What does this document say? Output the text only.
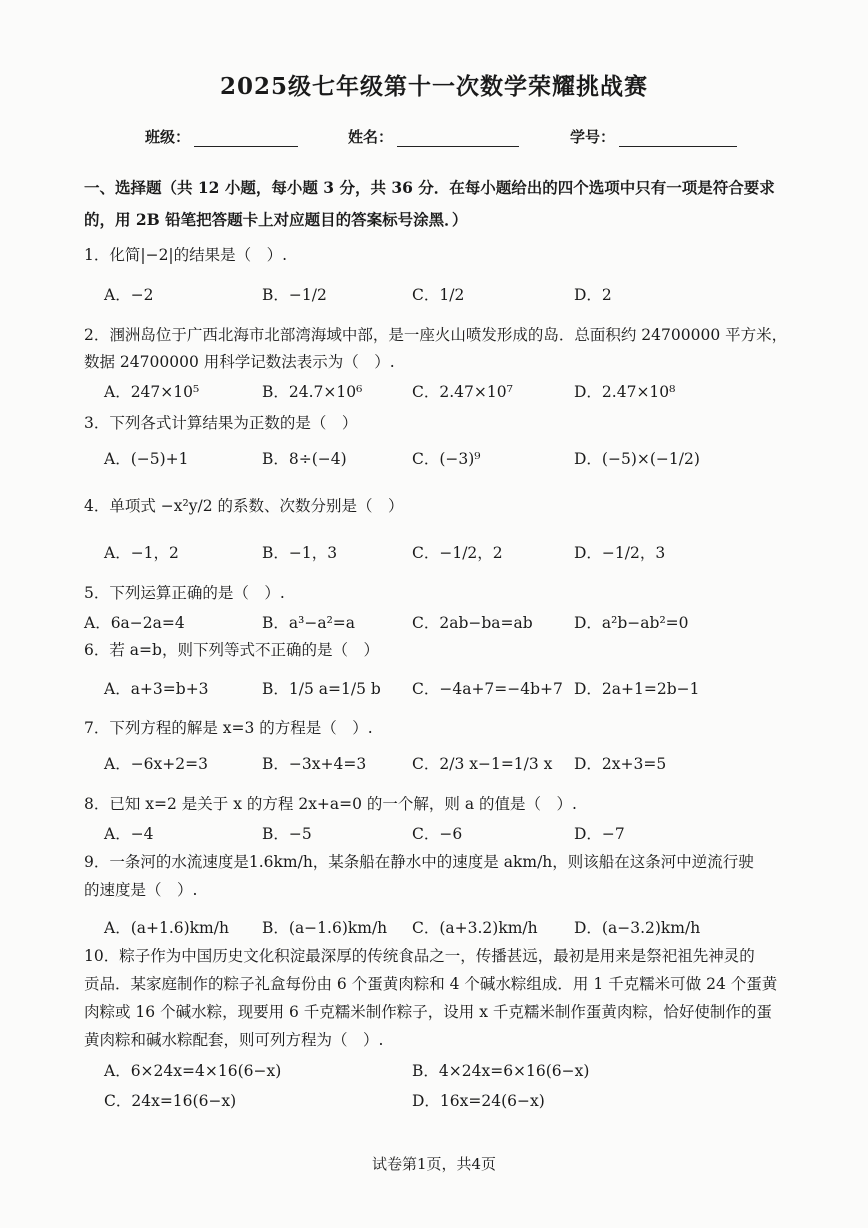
2025级七年级第十一次数学荣耀挑战赛
班级：	姓名：	学号：
一、选择题（共 12 小题，每小题 3 分，共 36 分．在每小题给出的四个选项中只有一项是符合要求
的，用 2B 铅笔把答题卡上对应题目的答案标号涂黑．）
1．化简|−2|的结果是（　）.
A．−2	B．−1/2	C．1/2	D．2
2．涠洲岛位于广西北海市北部湾海域中部，是一座火山喷发形成的岛．总面积约 24700000 平方米，
数据 24700000 用科学记数法表示为（　）.
A．247×10⁵	B．24.7×10⁶	C．2.47×10⁷	D．2.47×10⁸
3．下列各式计算结果为正数的是（　）
A．(−5)+1	B．8÷(−4)	C．(−3)⁹	D．(−5)×(−1/2)
4．单项式 −x²y/2 的系数、次数分别是（　）
A．−1，2	B．−1，3	C．−1/2，2	D．−1/2，3
5．下列运算正确的是（　）.
A．6a−2a=4	B．a³−a²=a	C．2ab−ba=ab	D．a²b−ab²=0
6．若 a=b，则下列等式不正确的是（　）
A．a+3=b+3	B．1/5 a=1/5 b C．−4a+7=−4b+7 D．2a+1=2b−1
7．下列方程的解是 x=3 的方程是（　）.
A．−6x+2=3	B．−3x+4=3	C．2/3 x−1=1/3 x D．2x+3=5
8．已知 x=2 是关于 x 的方程 2x+a=0 的一个解，则 a 的值是（　）.
A．−4	B．−5	C．−6	D．−7
9．一条河的水流速度是1.6km/h，某条船在静水中的速度是 akm/h，则该船在这条河中逆流行驶
的速度是（　）.
A．(a+1.6)km/h B．(a−1.6)km/h C．(a+3.2)km/h D．(a−3.2)km/h
10．粽子作为中国历史文化积淀最深厚的传统食品之一，传播甚远，最初是用来是祭祀祖先神灵的
贡品．某家庭制作的粽子礼盒每份由 6 个蛋黄肉粽和 4 个碱水粽组成．用 1 千克糯米可做 24 个蛋黄
肉粽或 16 个碱水粽，现要用 6 千克糯米制作粽子，设用 x 千克糯米制作蛋黄肉粽，恰好使制作的蛋
黄肉粽和碱水粽配套，则可列方程为（　）.
A．6×24x=4×16(6−x)	B．4×24x=6×16(6−x)
C．24x=16(6−x)	D．16x=24(6−x)
试卷第1页，共4页
